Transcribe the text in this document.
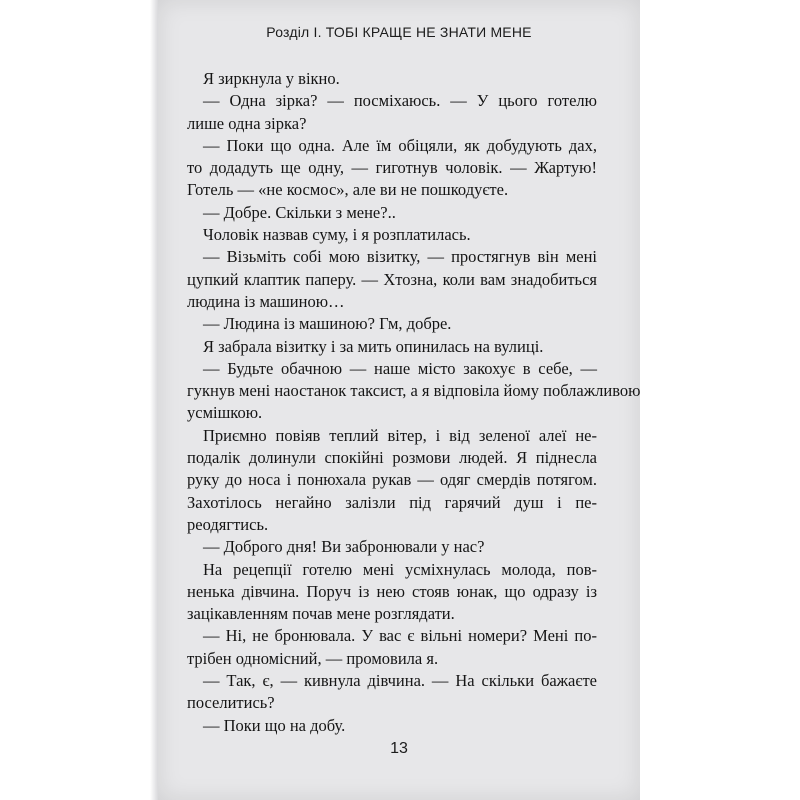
Розділ І. ТОБІ КРАЩЕ НЕ ЗНАТИ МЕНЕ
Я зиркнула у вікно.
— Одна зірка? — посміхаюсь. — У цього готелю
лише одна зірка?
— Поки що одна. Але їм обіцяли, як добудують дах,
то додадуть ще одну, — гиготнув чоловік. — Жартую!
Готель — «не космос», але ви не пошкодуєте.
— Добре. Скільки з мене?..
Чоловік назвав суму, і я розплатилась.
— Візьміть собі мою візитку, — простягнув він мені
цупкий клаптик паперу. — Хтозна, коли вам знадобиться
людина із машиною…
— Людина із машиною? Гм, добре.
Я забрала візитку і за мить опинилась на вулиці.
— Будьте обачною — наше місто закохує в себе, —
гукнув мені наостанок таксист, а я відповіла йому поблажливою
усмішкою.
Приємно повіяв теплий вітер, і від зеленої алеї не-
подалік долинули спокійні розмови людей. Я піднесла
руку до носа і понюхала рукав — одяг смердів потягом.
Захотілось негайно залізли під гарячий душ і пе-
реодягтись.
— Доброго дня! Ви забронювали у нас?
На рецепції готелю мені усміхнулась молода, пов-
ненька дівчина. Поруч із нею стояв юнак, що одразу із
зацікавленням почав мене розглядати.
— Ні, не бронювала. У вас є вільні номери? Мені по-
трібен одномісний, — промовила я.
— Так, є, — кивнула дівчина. — На скільки бажаєте
поселитись?
— Поки що на добу.
13
